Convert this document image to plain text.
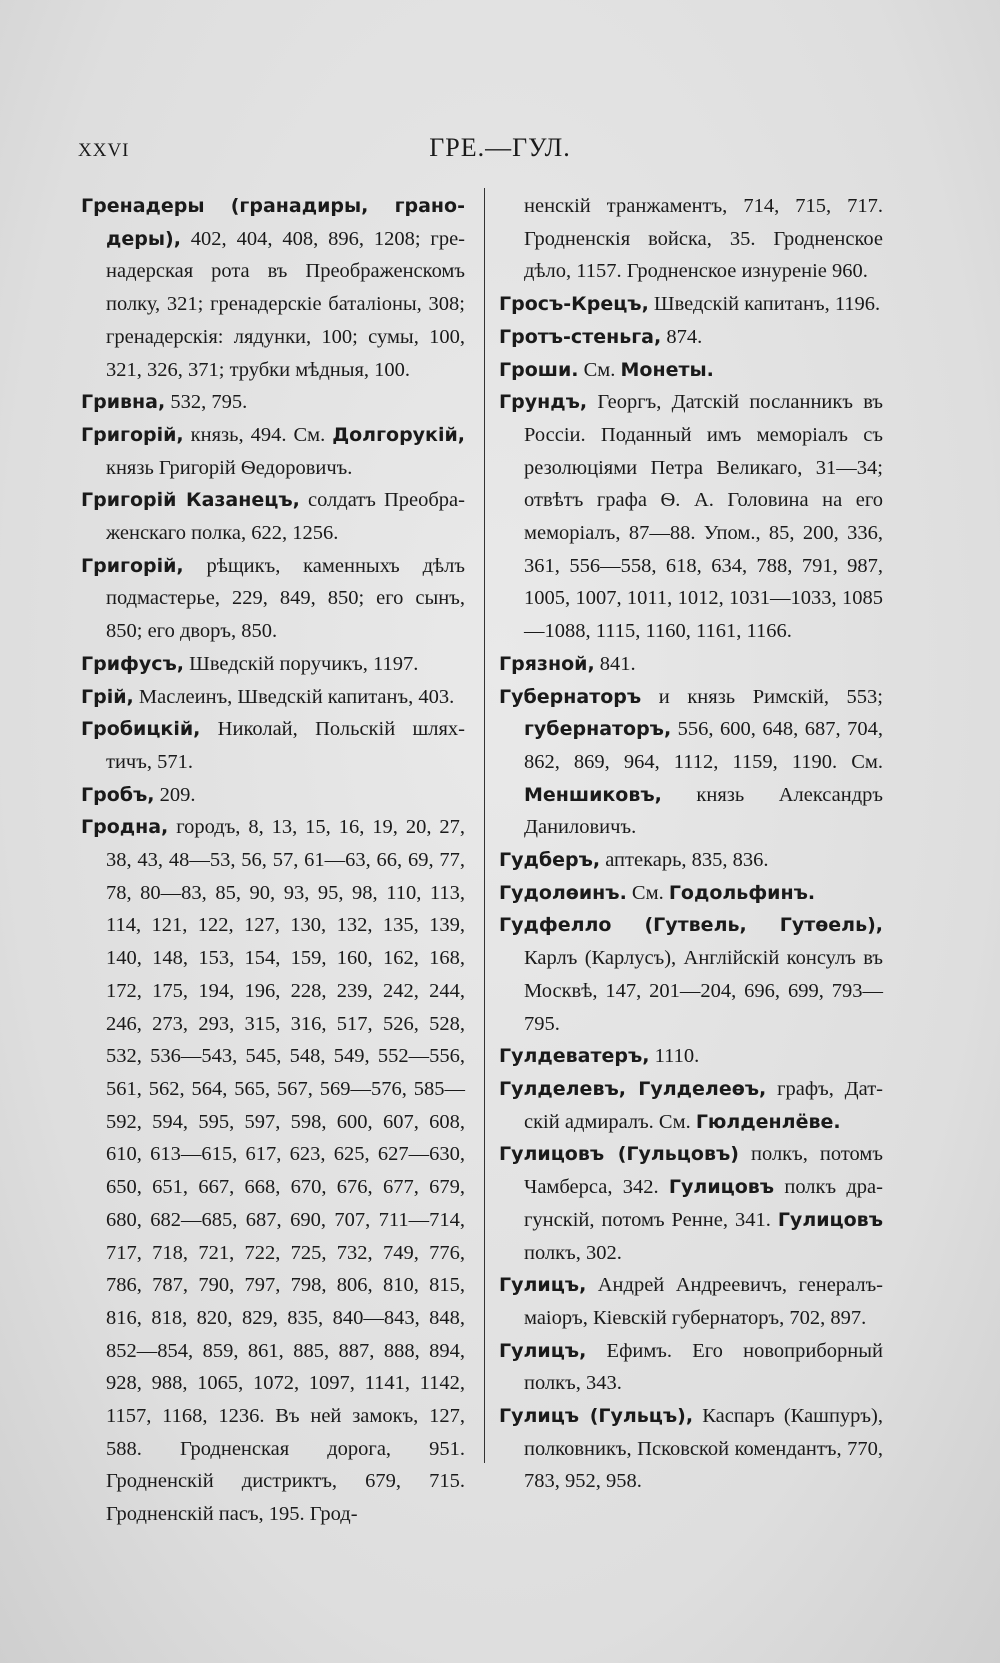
XXVI	ГРЕ.—ГУЛ.

Гренадеры (гранадиры, гранодеры), 402, 404, 408, 896, 1208; гренадерская рота въ Преображенскомъ полку, 321; гренадерскіе баталіоны, 308; гренадерскія: лядунки, 100; сумы, 100, 321, 326, 371; трубки мѣдныя, 100.

Гривна, 532, 795.

Григорій, князь, 494. См. Долгорукій, князь Григорій Ѳедоровичъ.

Григорій Казанецъ, солдатъ Преображенскаго полка, 622, 1256.

Григорій, рѣщикъ, каменныхъ дѣлъ подмастерье, 229, 849, 850; его сынъ, 850; его дворъ, 850.

Грифусъ, Шведскій поручикъ, 1197.

Грій, Маслеинъ, Шведскій капитанъ, 403.

Гробицкій, Николай, Польскій шляхтичъ, 571.

Гробъ, 209.

Гродна, городъ, 8, 13, 15, 16, 19, 20, 27, 38, 43, 48—53, 56, 57, 61—63, 66, 69, 77, 78, 80—83, 85, 90, 93, 95, 98, 110, 113, 114, 121, 122, 127, 130, 132, 135, 139, 140, 148, 153, 154, 159, 160, 162, 168, 172, 175, 194, 196, 228, 239, 242, 244, 246, 273, 293, 315, 316, 517, 526, 528, 532, 536—543, 545, 548, 549, 552—556, 561, 562, 564, 565, 567, 569—576, 585—592, 594, 595, 597, 598, 600, 607, 608, 610, 613—615, 617, 623, 625, 627—630, 650, 651, 667, 668, 670, 676, 677, 679, 680, 682—685, 687, 690, 707, 711—714, 717, 718, 721, 722, 725, 732, 749, 776, 786, 787, 790, 797, 798, 806, 810, 815, 816, 818, 820, 829, 835, 840—843, 848, 852—854, 859, 861, 885, 887, 888, 894, 928, 988, 1065, 1072, 1097, 1141, 1142, 1157, 1168, 1236. Въ ней замокъ, 127, 588. Гродненская дорога, 951. Гродненскій дистриктъ, 679, 715. Гродненскій пасъ, 195. Грод-

ненскій транжаментъ, 714, 715, 717. Гродненскія войска, 35. Гродненское дѣло, 1157. Гродненское изнуреніе 960.

Гросъ-Крецъ, Шведскій капитанъ, 1196.

Гротъ-стеньга, 874.

Гроши. См. Монеты.

Грундъ, Георгъ, Датскій посланникъ въ Россіи. Поданный имъ меморіалъ съ резолюціями Петра Великаго, 31—34; отвѣтъ графа Ѳ. А. Головина на его меморіалъ, 87—88. Упом., 85, 200, 336, 361, 556—558, 618, 634, 788, 791, 987, 1005, 1007, 1011, 1012, 1031—1033, 1085—1088, 1115, 1160, 1161, 1166.

Грязной, 841.

Губернаторъ и князь Римскій, 553; губернаторъ, 556, 600, 648, 687, 704, 862, 869, 964, 1112, 1159, 1190. См. Меншиковъ, князь Александръ Даниловичъ.

Гудберъ, аптекарь, 835, 836.

Гудолѳинъ. См. Годольфинъ.

Гудфелло (Гутвель, Гутѳель), Карлъ (Карлусъ), Англійскій консулъ въ Москвѣ, 147, 201—204, 696, 699, 793—795.

Гулдеватеръ, 1110.

Гулделевъ, Гулделеѳъ, графъ, Датскій адмиралъ. См. Гюлденлёве.

Гулицовъ (Гульцовъ) полкъ, потомъ Чамберса, 342. Гулицовъ полкъ драгунскій, потомъ Ренне, 341. Гулицовъ полкъ, 302.

Гулицъ, Андрей Андреевичъ, генералъ-маіоръ, Кіевскій губернаторъ, 702, 897.

Гулицъ, Ефимъ. Его новоприборный полкъ, 343.

Гулицъ (Гульцъ), Каспаръ (Кашпуръ), полковникъ, Псковской комендантъ, 770, 783, 952, 958.
